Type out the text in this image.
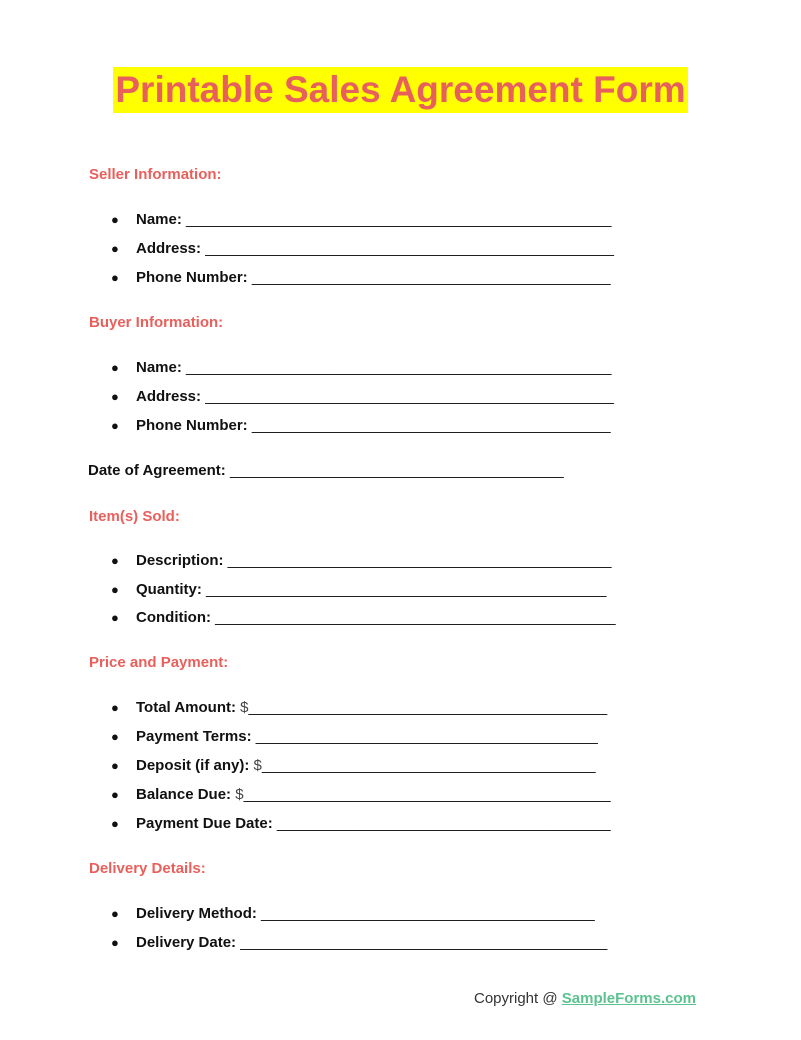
Printable Sales Agreement Form
Seller Information:
● Name: ___________________________________________________
● Address: _________________________________________________
● Phone Number: ___________________________________________
Buyer Information:
● Name: ___________________________________________________
● Address: _________________________________________________
● Phone Number: ___________________________________________
Date of Agreement: ________________________________________
Item(s) Sold:
● Description: ______________________________________________
● Quantity: ________________________________________________
● Condition: ________________________________________________
Price and Payment:
● Total Amount: $___________________________________________
● Payment Terms: _________________________________________
● Deposit (if any): $________________________________________
● Balance Due: $____________________________________________
● Payment Due Date: ________________________________________
Delivery Details:
● Delivery Method: ________________________________________
● Delivery Date: ____________________________________________
Copyright @ SampleForms.com
